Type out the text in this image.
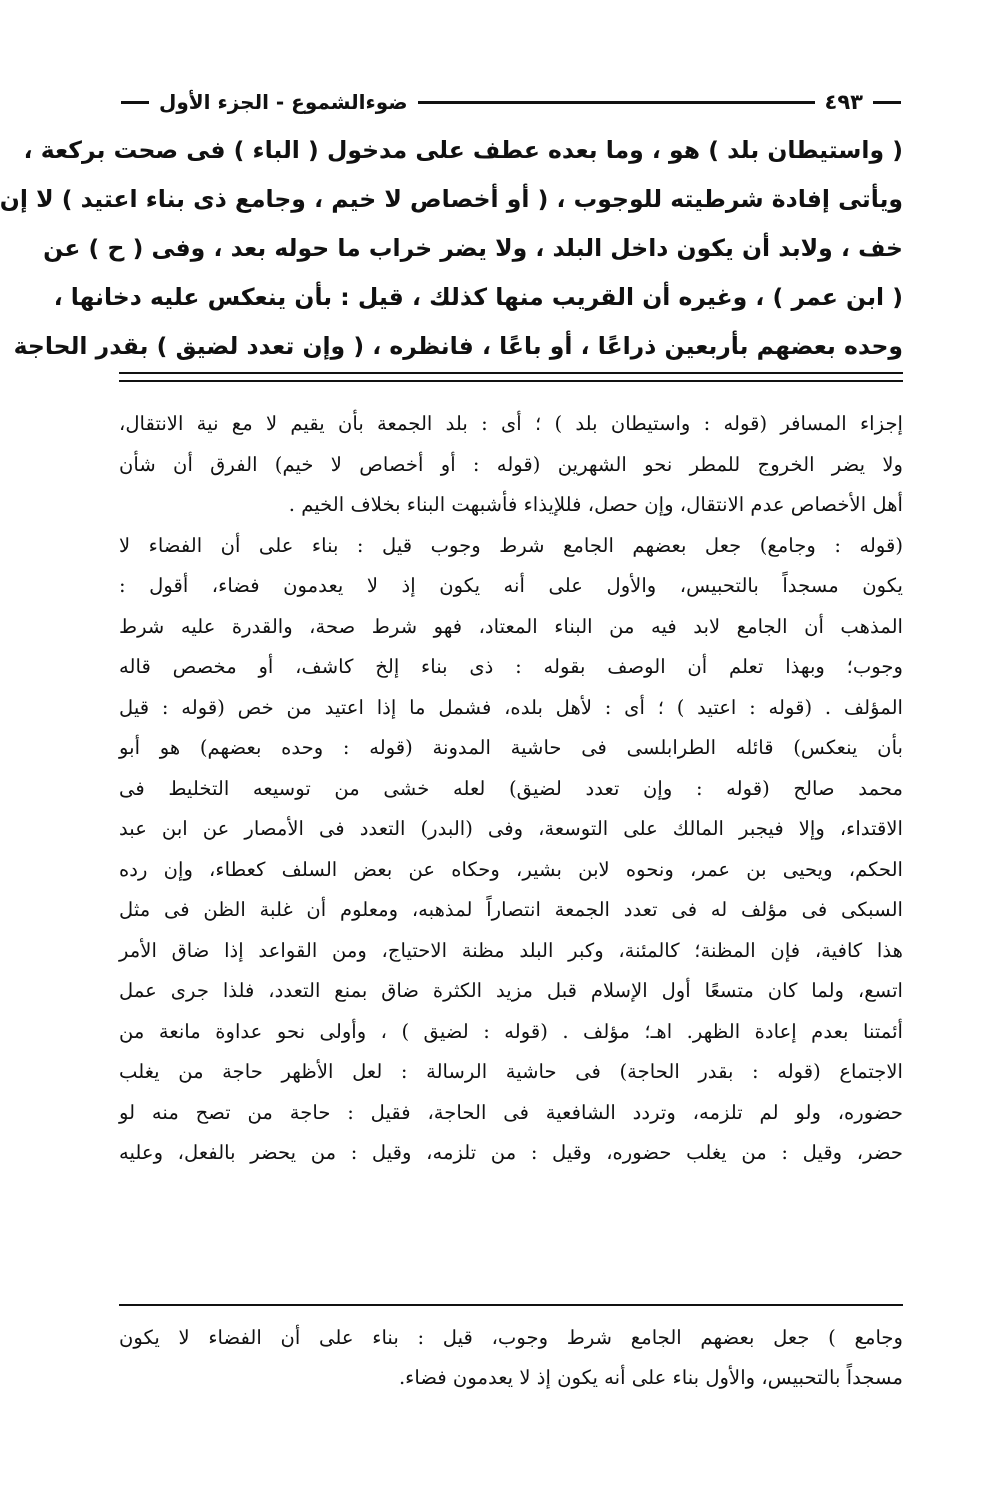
ضوءالشموع - الجزء الأول	٤٩٣
( واستيطان بلد ) هو ، وما بعده عطف على مدخول ( الباء ) فى صحت بركعة ،
ويأتى إفادة شرطيته للوجوب ، ( أو أخصاص لا خيم ، وجامع ذى بناء اعتيد ) لا إن
خف ، ولابد أن يكون داخل البلد ، ولا يضر خراب ما حوله بعد ، وفى ( ح ) عن
( ابن عمر ) ، وغيره أن القريب منها كذلك ، قيل : بأن ينعكس عليه دخانها ،
وحده بعضهم بأربعين ذراعًا ، أو باعًا ، فانظره ، ( وإن تعدد لضيق ) بقدر الحاجة
إجزاء المسافر (قوله : واستيطان بلد ) ؛ أى : بلد الجمعة بأن يقيم لا مع نية الانتقال،
ولا يضر الخروج للمطر نحو الشهرين (قوله : أو أخصاص لا خيم) الفرق أن شأن
أهل الأخصاص عدم الانتقال، وإن حصل، فللإيذاء فأشبهت البناء بخلاف الخيم .
(قوله : وجامع) جعل بعضهم الجامع شرط وجوب قيل : بناء على أن الفضاء لا
يكون مسجداً بالتحبيس، والأول على أنه يكون إذ لا يعدمون فضاء، أقول :
المذهب أن الجامع لابد فيه من البناء المعتاد، فهو شرط صحة، والقدرة عليه شرط
وجوب؛ وبهذا تعلم أن الوصف بقوله : ذى بناء إلخ كاشف، أو مخصص قاله
المؤلف . (قوله : اعتيد ) ؛ أى : لأهل بلده، فشمل ما إذا اعتيد من خص (قوله : قيل
بأن ينعكس) قائله الطرابلسى فى حاشية المدونة (قوله : وحده بعضهم) هو أبو
محمد صالح (قوله : وإن تعدد لضيق) لعله خشى من توسيعه التخليط فى
الاقتداء، وإلا فيجبر المالك على التوسعة، وفى (البدر) التعدد فى الأمصار عن ابن عبد
الحكم، ويحيى بن عمر، ونحوه لابن بشير، وحكاه عن بعض السلف كعطاء، وإن رده
السبكى فى مؤلف له فى تعدد الجمعة انتصاراً لمذهبه، ومعلوم أن غلبة الظن فى مثل
هذا كافية، فإن المظنة؛ كالمئنة، وكبر البلد مظنة الاحتياج، ومن القواعد إذا ضاق الأمر
اتسع، ولما كان متسعًا أول الإسلام قبل مزيد الكثرة ضاق بمنع التعدد، فلذا جرى عمل
أئمتنا بعدم إعادة الظهر. اهـ؛ مؤلف . (قوله : لضيق ) ، وأولى نحو عداوة مانعة من
الاجتماع (قوله : بقدر الحاجة) فى حاشية الرسالة : لعل الأظهر حاجة من يغلب
حضوره، ولو لم تلزمه، وتردد الشافعية فى الحاجة، فقيل : حاجة من تصح منه لو
حضر، وقيل : من يغلب حضوره، وقيل : من تلزمه، وقيل : من يحضر بالفعل، وعليه
وجامع ) جعل بعضهم الجامع شرط وجوب، قيل : بناء على أن الفضاء لا يكون
مسجداً بالتحبيس، والأول بناء على أنه يكون إذ لا يعدمون فضاء.
